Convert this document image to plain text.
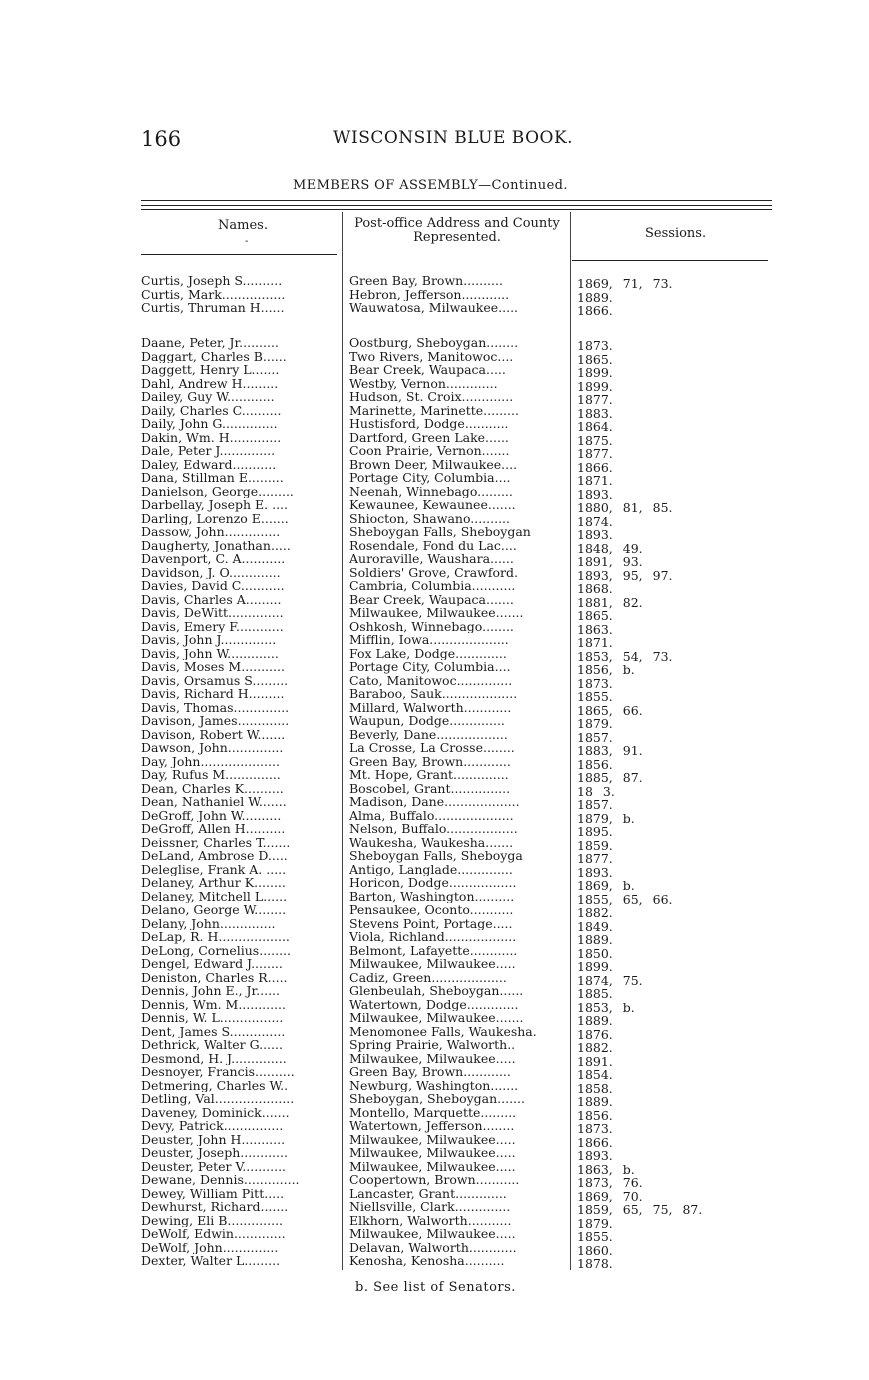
166	WISCONSIN BLUE BOOK.
MEMBERS OF ASSEMBLY—Continued.
Names.
-
Post-office Address and County Represented.	Sessions.
Curtis, Joseph S..........	Green Bay, Brown..........	1869, 71, 73.
Curtis, Mark................	Hebron, Jefferson............	1889.
Curtis, Thruman H......	Wauwatosa, Milwaukee.....	1866.
Daane, Peter, Jr..........	Oostburg, Sheboygan........	1873.
Daggart, Charles B......	Two Rivers, Manitowoc....	1865.
Daggett, Henry L.......	Bear Creek, Waupaca.....	1899.
Dahl, Andrew H.........	Westby, Vernon.............	1899.
Dailey, Guy W............	Hudson, St. Croix.............	1877.
Daily, Charles C..........	Marinette, Marinette.........	1883.
Daily, John G..............	Hustisford, Dodge...........	1864.
Dakin, Wm. H.............	Dartford, Green Lake......	1875.
Dale, Peter J..............	Coon Prairie, Vernon.......	1877.
Daley, Edward...........	Brown Deer, Milwaukee....	1866.
Dana, Stillman E.........	Portage City, Columbia....	1871.
Danielson, George.........	Neenah, Winnebago.........	1893.
Darbellay, Joseph E. ....	Kewaunee, Kewaunee.......	1880, 81, 85.
Darling, Lorenzo E.......	Shiocton, Shawano..........	1874.
Dassow, John..............	Sheboygan Falls, Sheboygan	1893.
Daugherty, Jonathan.....	Rosendale, Fond du Lac....	1848, 49.
Davenport, C. A...........	Auroraville, Waushara......	1891, 93.
Davidson, J. O.............	Soldiers' Grove, Crawford.	1893, 95, 97.
Davies, David C...........	Cambria, Columbia...........	1868.
Davis, Charles A.........	Bear Creek, Waupaca.......	1881, 82.
Davis, DeWitt..............	Milwaukee, Milwaukee.......	1865.
Davis, Emery F............	Oshkosh, Winnebago........	1863.
Davis, John J..............	Mifflin, Iowa....................	1871.
Davis, John W.............	Fox Lake, Dodge.............	1853, 54, 73.
Davis, Moses M...........	Portage City, Columbia....	1856, b.
Davis, Orsamus S.........	Cato, Manitowoc..............	1873.
Davis, Richard H.........	Baraboo, Sauk...................	1855.
Davis, Thomas..............	Millard, Walworth............	1865, 66.
Davison, James.............	Waupun, Dodge..............	1879.
Davison, Robert W.......	Beverly, Dane..................	1857.
Dawson, John..............	La Crosse, La Crosse........	1883, 91.
Day, John....................	Green Bay, Brown............	1856.
Day, Rufus M..............	Mt. Hope, Grant..............	1885, 87.
Dean, Charles K..........	Boscobel, Grant...............	18 3.
Dean, Nathaniel W.......	Madison, Dane...................	1857.
DeGroff, John W..........	Alma, Buffalo....................	1879, b.
DeGroff, Allen H..........	Nelson, Buffalo..................	1895.
Deissner, Charles T.......	Waukesha, Waukesha.......	1859.
DeLand, Ambrose D.....	Sheboygan Falls, Sheboyga	1877.
Deleglise, Frank A. .....	Antigo, Langlade..............	1893.
Delaney, Arthur K........	Horicon, Dodge.................	1869, b.
Delaney, Mitchell L......	Barton, Washington..........	1855, 65, 66.
Delano, George W........	Pensaukee, Oconto...........	1882.
Delany, John..............	Stevens Point, Portage.....	1849.
DeLap, R. H..................	Viola, Richland..................	1889.
DeLong, Cornelius........	Belmont, Lafayette............	1850.
Dengel, Edward J........	Milwaukee, Milwaukee.....	1899.
Deniston, Charles R.....	Cadiz, Green...................	1874, 75.
Dennis, John E., Jr......	Glenbeulah, Sheboygan......	1885.
Dennis, Wm. M............	Watertown, Dodge.............	1853, b.
Dennis, W. L................	Milwaukee, Milwaukee.......	1889.
Dent, James S..............	Menomonee Falls, Waukesha.	1876.
Dethrick, Walter G......	Spring Prairie, Walworth..	1882.
Desmond, H. J..............	Milwaukee, Milwaukee.....	1891.
Desnoyer, Francis..........	Green Bay, Brown............	1854.
Detmering, Charles W..	Newburg, Washington.......	1858.
Detling, Val....................	Sheboygan, Sheboygan.......	1889.
Daveney, Dominick.......	Montello, Marquette.........	1856.
Devy, Patrick...............	Watertown, Jefferson........	1873.
Deuster, John H...........	Milwaukee, Milwaukee.....	1866.
Deuster, Joseph............	Milwaukee, Milwaukee.....	1893.
Deuster, Peter V...........	Milwaukee, Milwaukee.....	1863, b.
Dewane, Dennis..............	Coopertown, Brown...........	1873, 76.
Dewey, William Pitt.....	Lancaster, Grant.............	1869, 70.
Dewhurst, Richard.......	Niellsville, Clark..............	1859, 65, 75, 87.
Dewing, Eli B..............	Elkhorn, Walworth...........	1879.
DeWolf, Edwin.............	Milwaukee, Milwaukee.....	1855.
DeWolf, John..............	Delavan, Walworth............	1860.
Dexter, Walter L.........	Kenosha, Kenosha..........	1878.
b. See list of Senators.
